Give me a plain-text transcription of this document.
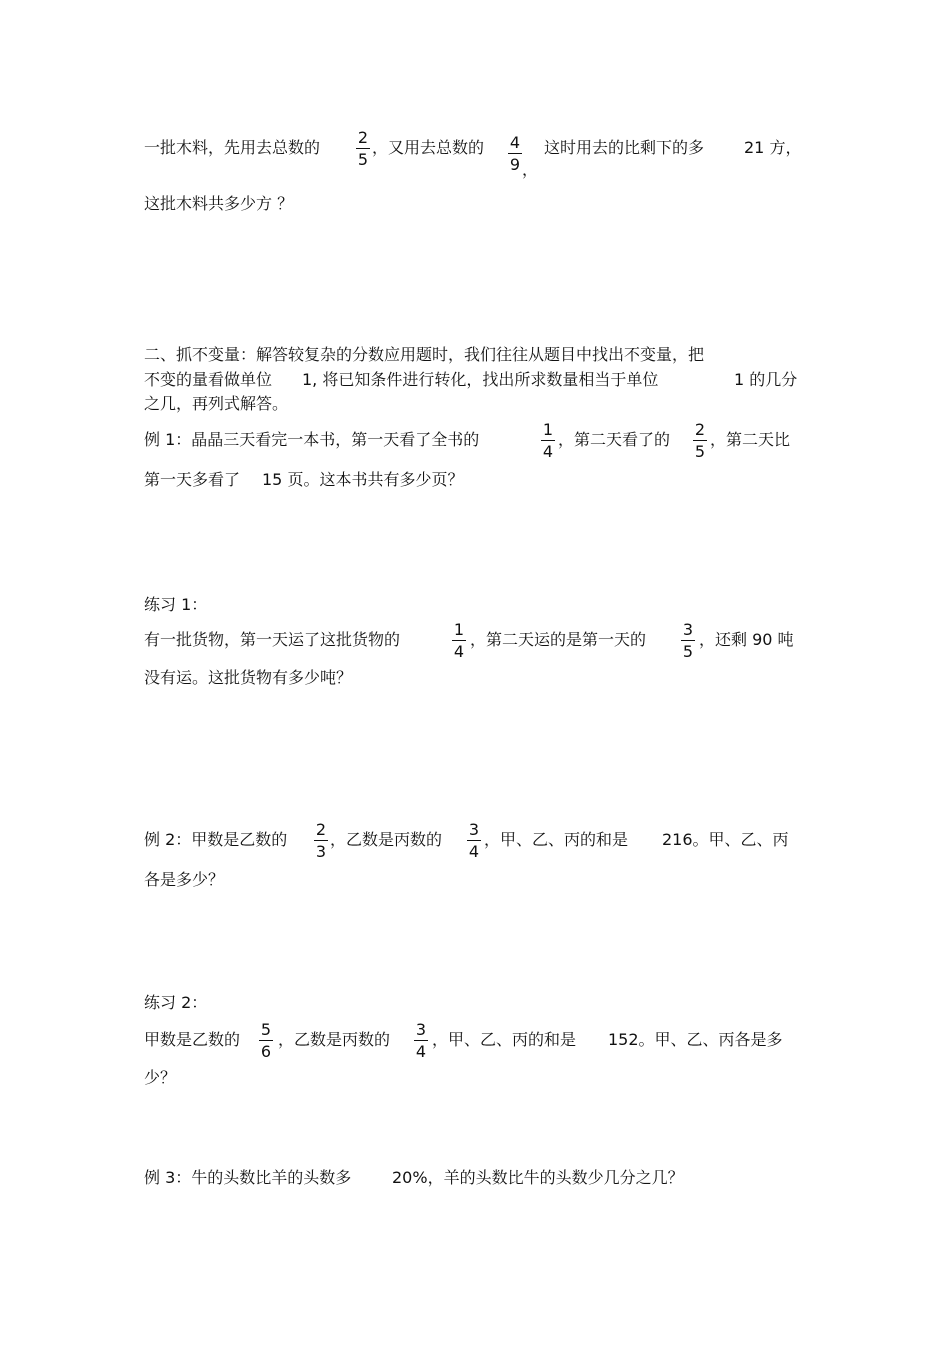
一批木料，先用去总数的
2
5
，又用去总数的 4
9 ，
这时用去的比剩下的多 21 方，
这批木料共多少方 ？
二、抓不变量：解答较复杂的分数应用题时，我们往往从题目中找出不变量，把
不变的量看做单位 1, 将已知条件进行转化，找出所求数量相当于单位	1 的几分
之几，再列式解答。
例 1：晶晶三天看完一本书，第一天看了全书的
1
4
，第二天看了的
2
5
，第二天比
第一天多看了 15 页。这本书共有多少页？
练习 1：
有一批货物，第一天运了这批货物的
1
4
，第二天运的是第一天的
3
5
，还剩 90 吨
没有运。这批货物有多少吨？
例 2：甲数是乙数的
2
3
，乙数是丙数的
3
4
，甲、乙、丙的和是 216。甲、乙、丙
各是多少？
练习 2：
甲数是乙数的
5
6
，乙数是丙数的
3
4
，甲、乙、丙的和是 152。甲、乙、丙各是多
少？
例 3：牛的头数比羊的头数多	20%，羊的头数比牛的头数少几分之几？
